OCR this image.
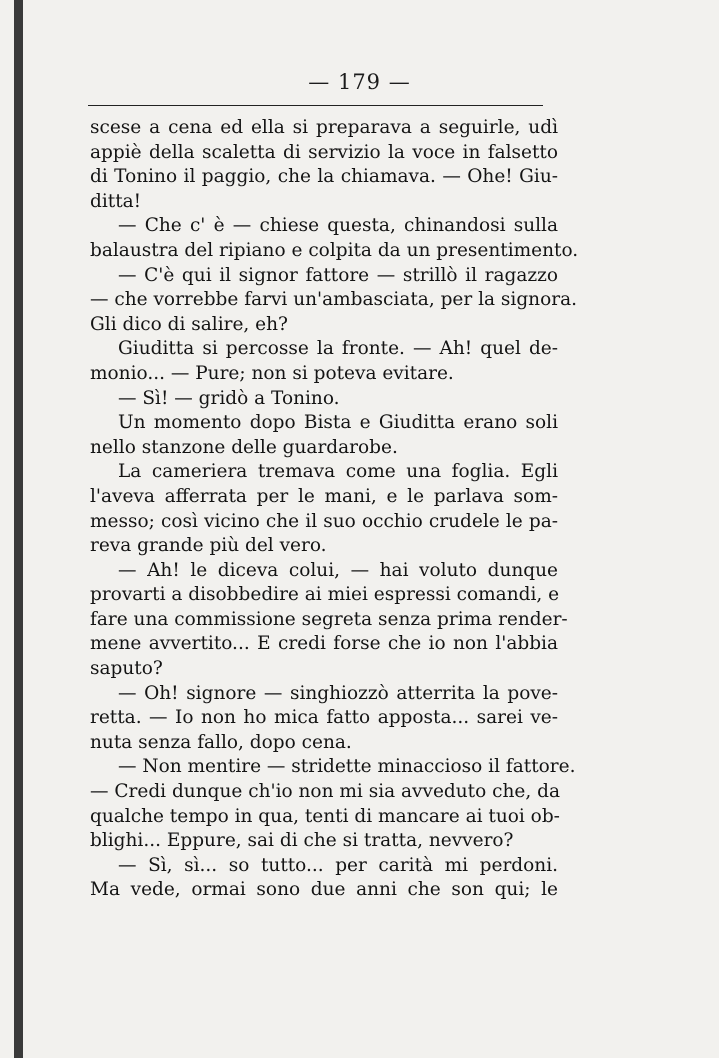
— 179 —
scese a cena ed ella si preparava a seguirle, udì
appiè della scaletta di servizio la voce in falsetto
di Tonino il paggio, che la chiamava. — Ohe! Giu-
ditta!
— Che c' è — chiese questa, chinandosi sulla
balaustra del ripiano e colpita da un presentimento.
— C'è qui il signor fattore — strillò il ragazzo
— che vorrebbe farvi un'ambasciata, per la signora.
Gli dico di salire, eh?
Giuditta si percosse la fronte. — Ah! quel de-
monio... — Pure; non si poteva evitare.
— Sì! — gridò a Tonino.
Un momento dopo Bista e Giuditta erano soli
nello stanzone delle guardarobe.
La cameriera tremava come una foglia. Egli
l'aveva afferrata per le mani, e le parlava som-
messo; così vicino che il suo occhio crudele le pa-
reva grande più del vero.
— Ah! le diceva colui, — hai voluto dunque
provarti a disobbedire ai miei espressi comandi, e
fare una commissione segreta senza prima render-
mene avvertito... E credi forse che io non l'abbia
saputo?
— Oh! signore — singhiozzò atterrita la pove-
retta. — Io non ho mica fatto apposta... sarei ve-
nuta senza fallo, dopo cena.
— Non mentire — stridette minaccioso il fattore.
— Credi dunque ch'io non mi sia avveduto che, da
qualche tempo in qua, tenti di mancare ai tuoi ob-
blighi... Eppure, sai di che si tratta, nevvero?
— Sì, sì... so tutto... per carità mi perdoni.
Ma vede, ormai sono due anni che son qui; le
